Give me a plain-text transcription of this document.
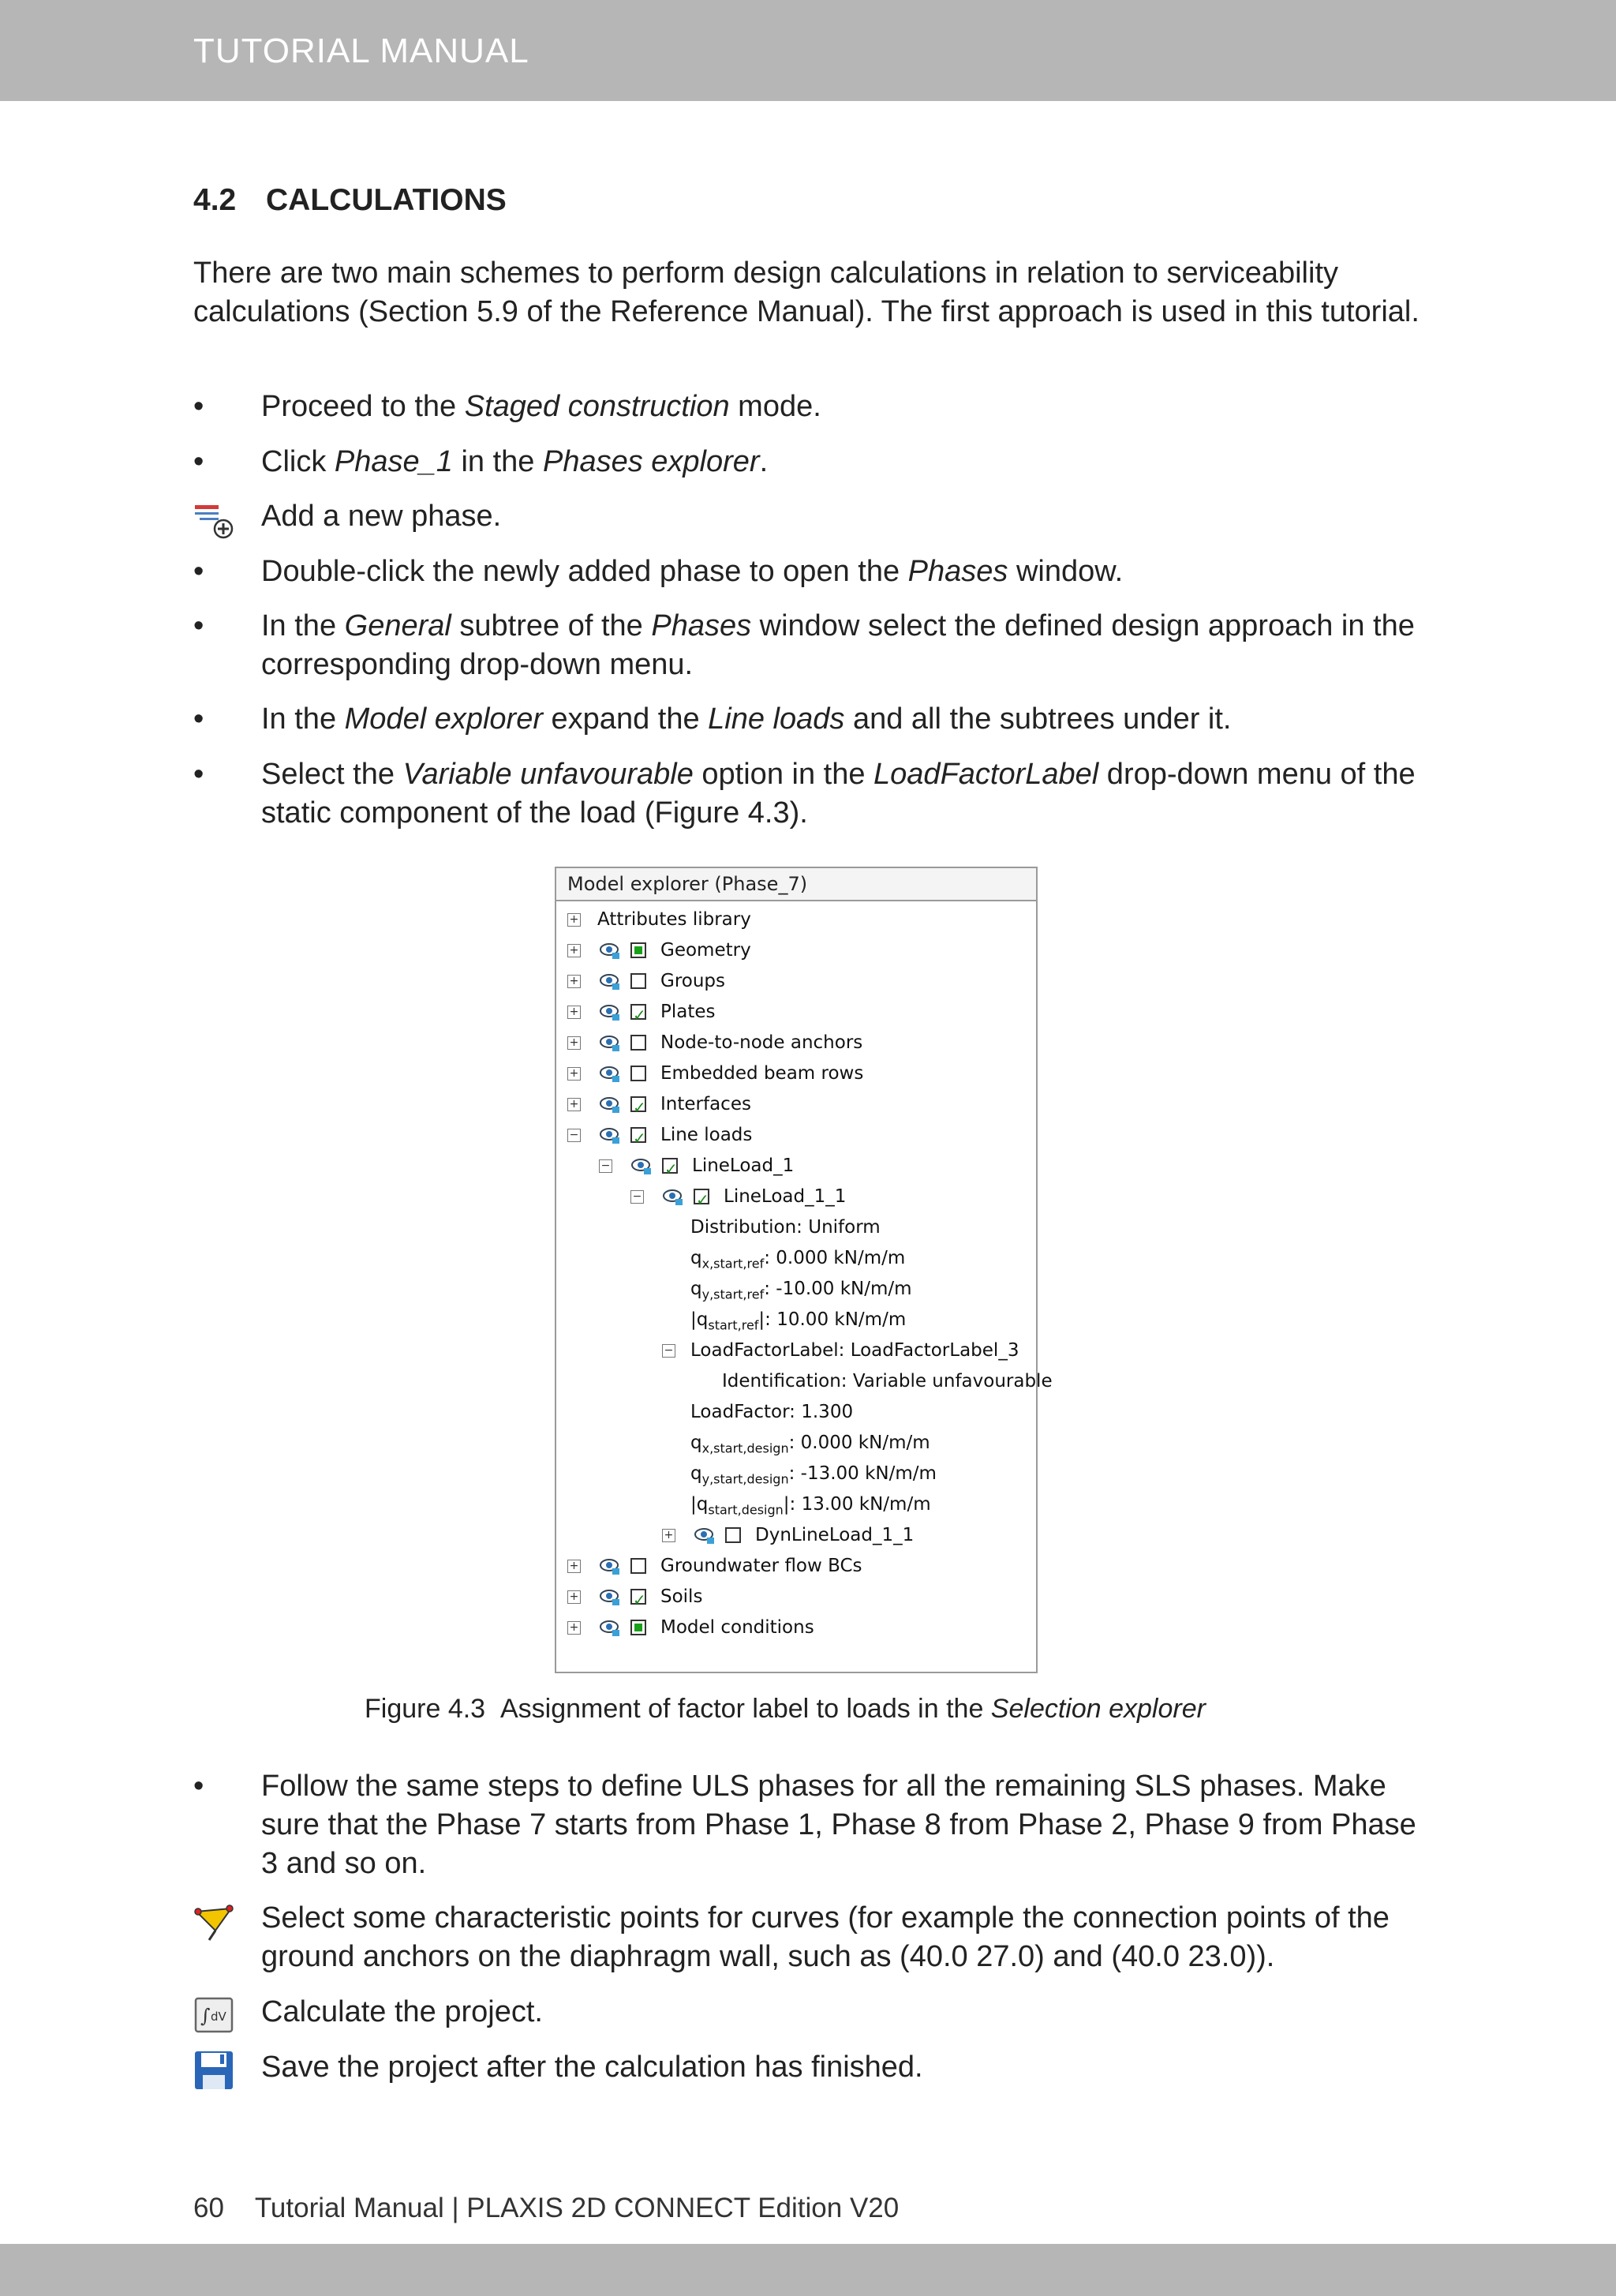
TUTORIAL MANUAL
4.2 CALCULATIONS
There are two main schemes to perform design calculations in relation to serviceability calculations (Section 5.9 of the Reference Manual). The first approach is used in this tutorial.
•	Proceed to the Staged construction mode.
•	Click Phase_1 in the Phases explorer.
Add a new phase.
•	Double-click the newly added phase to open the Phases window.
•	In the General subtree of the Phases window select the defined design approach in the corresponding drop-down menu.
•	In the Model explorer expand the Line loads and all the subtrees under it.
•	Select the Variable unfavourable option in the LoadFactorLabel drop-down menu of the static component of the load (Figure 4.3).
Model explorer (Phase_7)
+ Attributes library
+	Geometry
+	Groups
+ ✓	Plates
+	Node-to-node anchors
+	Embedded beam rows
+ ✓	Interfaces
− ✓	Line loads
− ✓	LineLoad_1
− ✓	LineLoad_1_1
Distribution: Uniform
$q_{x,start,ref}$: 0.000 kN/m/m
$q_{y,start,ref}$: -10.00 kN/m/m
$|q_{start,ref}|$: 10.00 kN/m/m
− LoadFactorLabel: LoadFactorLabel_3
Identification: Variable unfavourable
LoadFactor: 1.300
$q_{x,start,design}$: 0.000 kN/m/m
$q_{y,start,design}$: -13.00 kN/m/m
$|q_{start,design}|$: 13.00 kN/m/m
+	DynLineLoad_1_1
+	Groundwater flow BCs
+ ✓	Soils
+	Model conditions
Figure 4.3 Assignment of factor label to loads in the Selection explorer
•	Follow the same steps to define ULS phases for all the remaining SLS phases. Make sure that the Phase 7 starts from Phase 1, Phase 8 from Phase 2, Phase 9 from Phase 3 and so on.
Select some characteristic points for curves (for example the connection points of the ground anchors on the diaphragm wall, such as (40.0 27.0) and (40.0 23.0)).
∫ dV Calculate the project.
Save the project after the calculation has finished.
60 Tutorial Manual | PLAXIS 2D CONNECT Edition V20
